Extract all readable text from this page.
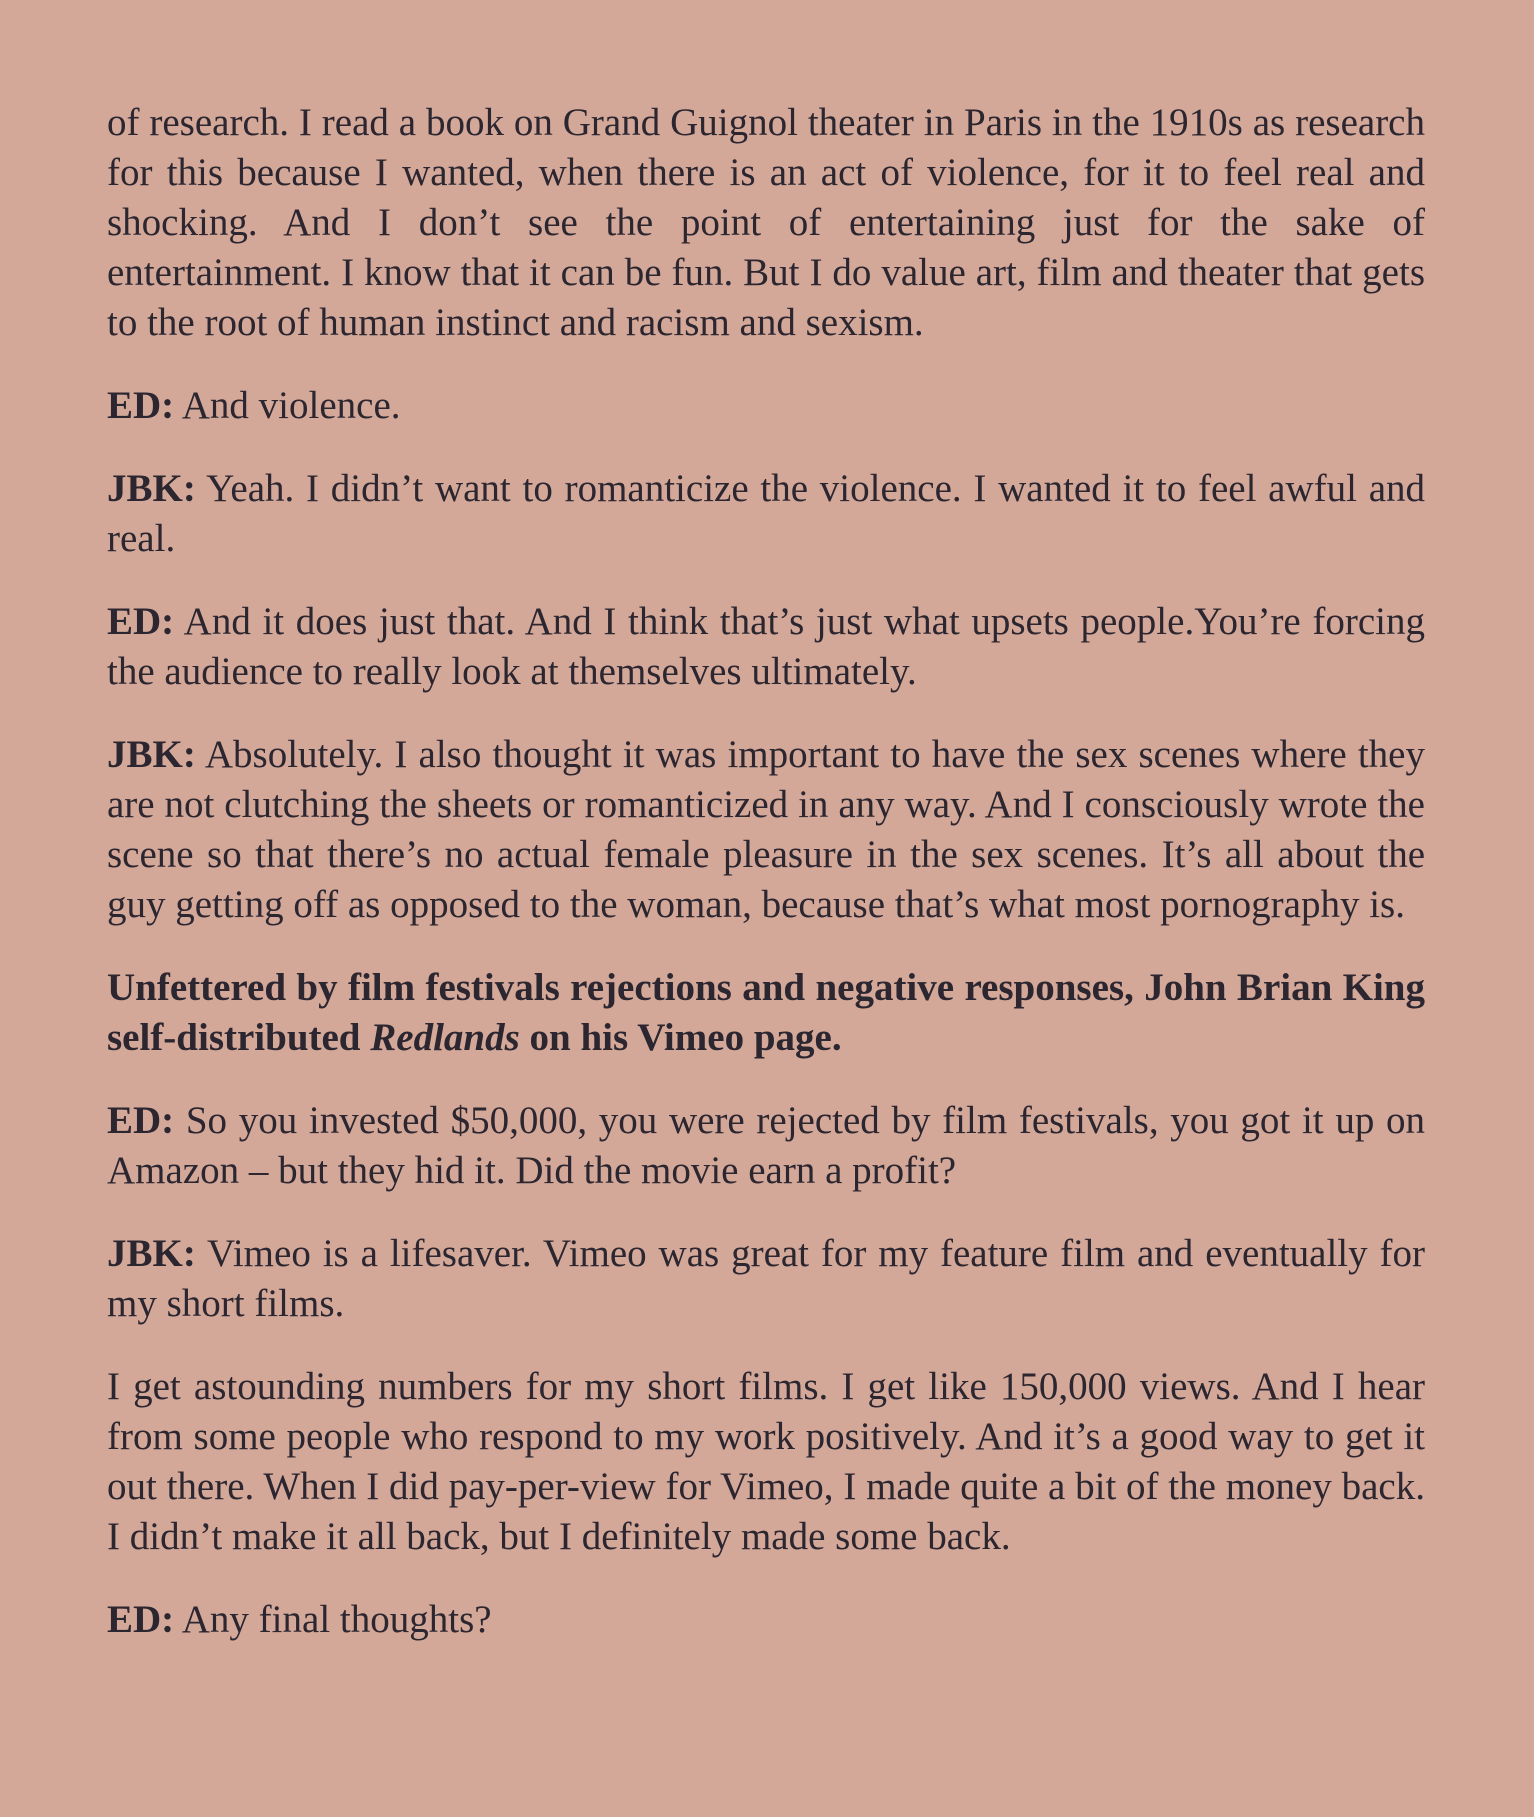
of research. I read a book on Grand Guignol theater in Paris in the 1910s as research for this because I wanted, when there is an act of violence, for it to feel real and shocking. And I don’t see the point of entertaining just for the sake of entertainment. I know that it can be fun. But I do value art, film and theater that gets to the root of human instinct and racism and sexism.

ED: And violence.

JBK: Yeah. I didn’t want to romanticize the violence. I wanted it to feel awful and real.

ED: And it does just that. And I think that’s just what upsets people.You’re forcing the audience to really look at themselves ultimately.

JBK: Absolutely. I also thought it was important to have the sex scenes where they are not clutching the sheets or romanticized in any way. And I consciously wrote the scene so that there’s no actual female pleasure in the sex scenes. It’s all about the guy getting off as opposed to the woman, because that’s what most pornography is.

Unfettered by film festivals rejections and negative responses, John Brian King self-distributed Redlands on his Vimeo page.

ED: So you invested $50,000, you were rejected by film festivals, you got it up on Amazon – but they hid it. Did the movie earn a profit?

JBK: Vimeo is a lifesaver. Vimeo was great for my feature film and eventually for my short films.

I get astounding numbers for my short films. I get like 150,000 views. And I hear from some people who respond to my work positively. And it’s a good way to get it out there. When I did pay-per-view for Vimeo, I made quite a bit of the money back. I didn’t make it all back, but I definitely made some back.

ED: Any final thoughts?
